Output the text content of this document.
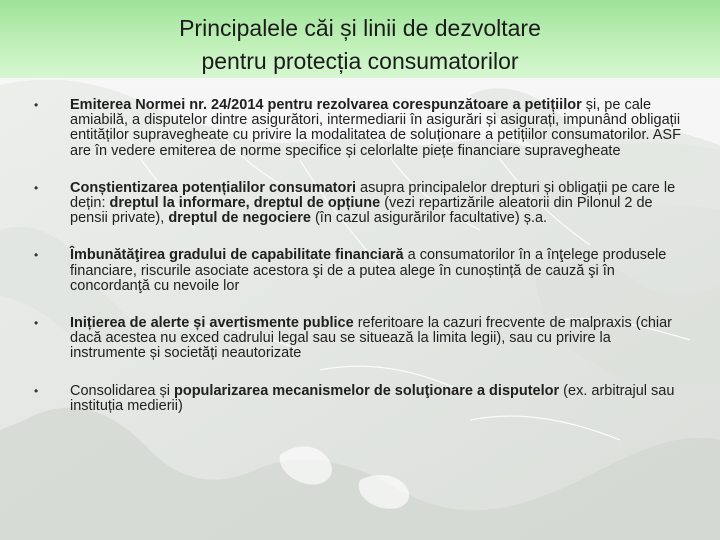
Principalele căi și linii de dezvoltare
pentru protecția consumatorilor
•	Emiterea Normei nr. 24/2014 pentru rezolvarea corespunzătoare a petițiilor și, pe cale amiabilă, a disputelor dintre asigurători, intermediarii în asigurări și asigurați, impunând obligații entităților supravegheate cu privire la modalitatea de soluționare a petițiilor consumatorilor. ASF are în vedere emiterea de norme specifice și celorlalte piețe financiare supravegheate
•	Conștientizarea potențialilor consumatori asupra principalelor drepturi și obligații pe care le dețin: dreptul la informare, dreptul de opțiune (vezi repartizările aleatorii din Pilonul 2 de pensii private), dreptul de negociere (în cazul asigurărilor facultative) ș.a.
•	Îmbunătăţirea gradului de capabilitate financiară a consumatorilor în a înţelege produsele financiare, riscurile asociate acestora şi de a putea alege în cunoștință de cauză şi în concordanţă cu nevoile lor
•	Inițierea de alerte și avertismente publice referitoare la cazuri frecvente de malpraxis (chiar dacă acestea nu exced cadrului legal sau se situează la limita legii), sau cu privire la instrumente și societăți neautorizate
•	Consolidarea și popularizarea mecanismelor de soluţionare a disputelor (ex. arbitrajul sau instituția medierii)
